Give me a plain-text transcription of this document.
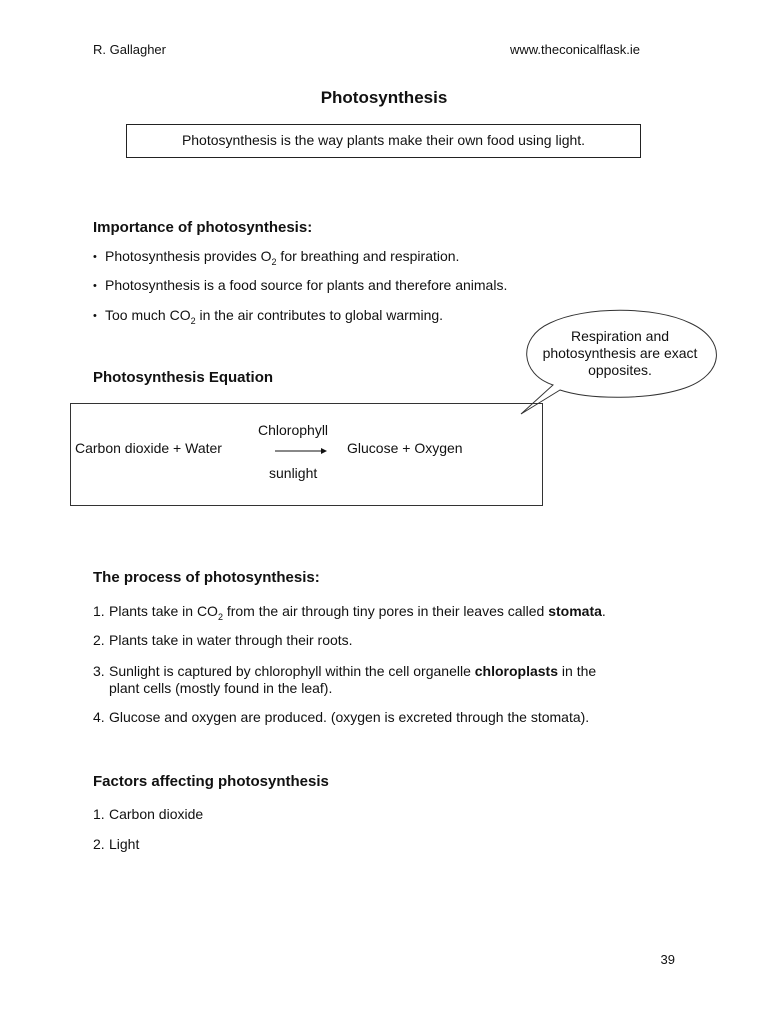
R. Gallagher	www.theconicalflask.ie
Photosynthesis
Photosynthesis is the way plants make their own food using light.
Importance of photosynthesis:
• Photosynthesis provides $O_2$ for breathing and respiration.
• Photosynthesis is a food source for plants and therefore animals.
• Too much $CO_2$ in the air contributes to global warming.
Respiration and
photosynthesis are exact
opposites.
Photosynthesis Equation
Carbon dioxide + Water
Chlorophyll
sunlight
Glucose + Oxygen
The process of photosynthesis:
1. Plants take in $CO_2$ from the air through tiny pores in their leaves called stomata.
2. Plants take in water through their roots.
3. Sunlight is captured by chlorophyll within the cell organelle chloroplasts in the
plant cells (mostly found in the leaf).
4. Glucose and oxygen are produced. (oxygen is excreted through the stomata).
Factors affecting photosynthesis
1. Carbon dioxide
2. Light
39
